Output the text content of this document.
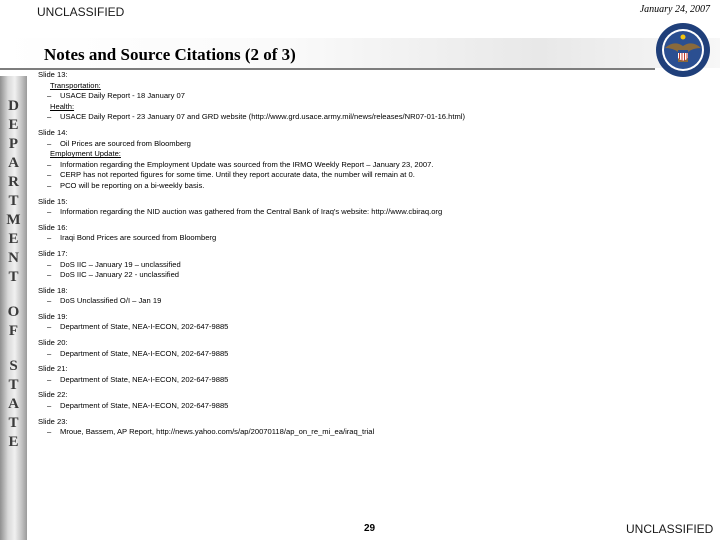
D
E
P
A
R
T
M
E
N
T
O
F
S
T
A
T
E
UNCLASSIFIED	January 24, 2007
Notes and Source Citations (2 of 3)
Slide 13:
Transportation:
– USACE Daily Report - 18 January 07
Health:
– USACE Daily Report - 23 January 07 and GRD website (http://www.grd.usace.army.mil/news/releases/NR07-01-16.html)
Slide 14:
– Oil Prices are sourced from Bloomberg
Employment Update:
– Information regarding the Employment Update was sourced from the IRMO Weekly Report – January 23, 2007.
– CERP has not reported figures for some time. Until they report accurate data, the number will remain at 0.
– PCO will be reporting on a bi-weekly basis.
Slide 15:
– Information regarding the NID auction was gathered from the Central Bank of Iraq's website: http://www.cbiraq.org
Slide 16:
– Iraqi Bond Prices are sourced from Bloomberg
Slide 17:
– DoS IIC – January 19 – unclassified
– DoS IIC – January 22 - unclassified
Slide 18:
– DoS Unclassified O/I – Jan 19
Slide 19:
– Department of State, NEA-I-ECON, 202-647-9885
Slide 20:
– Department of State, NEA-I-ECON, 202-647-9885
Slide 21:
– Department of State, NEA-I-ECON, 202-647-9885
Slide 22:
– Department of State, NEA-I-ECON, 202-647-9885
Slide 23:
– Mroue, Bassem, AP Report, http://news.yahoo.com/s/ap/20070118/ap_on_re_mi_ea/iraq_trial
29	UNCLASSIFIED
